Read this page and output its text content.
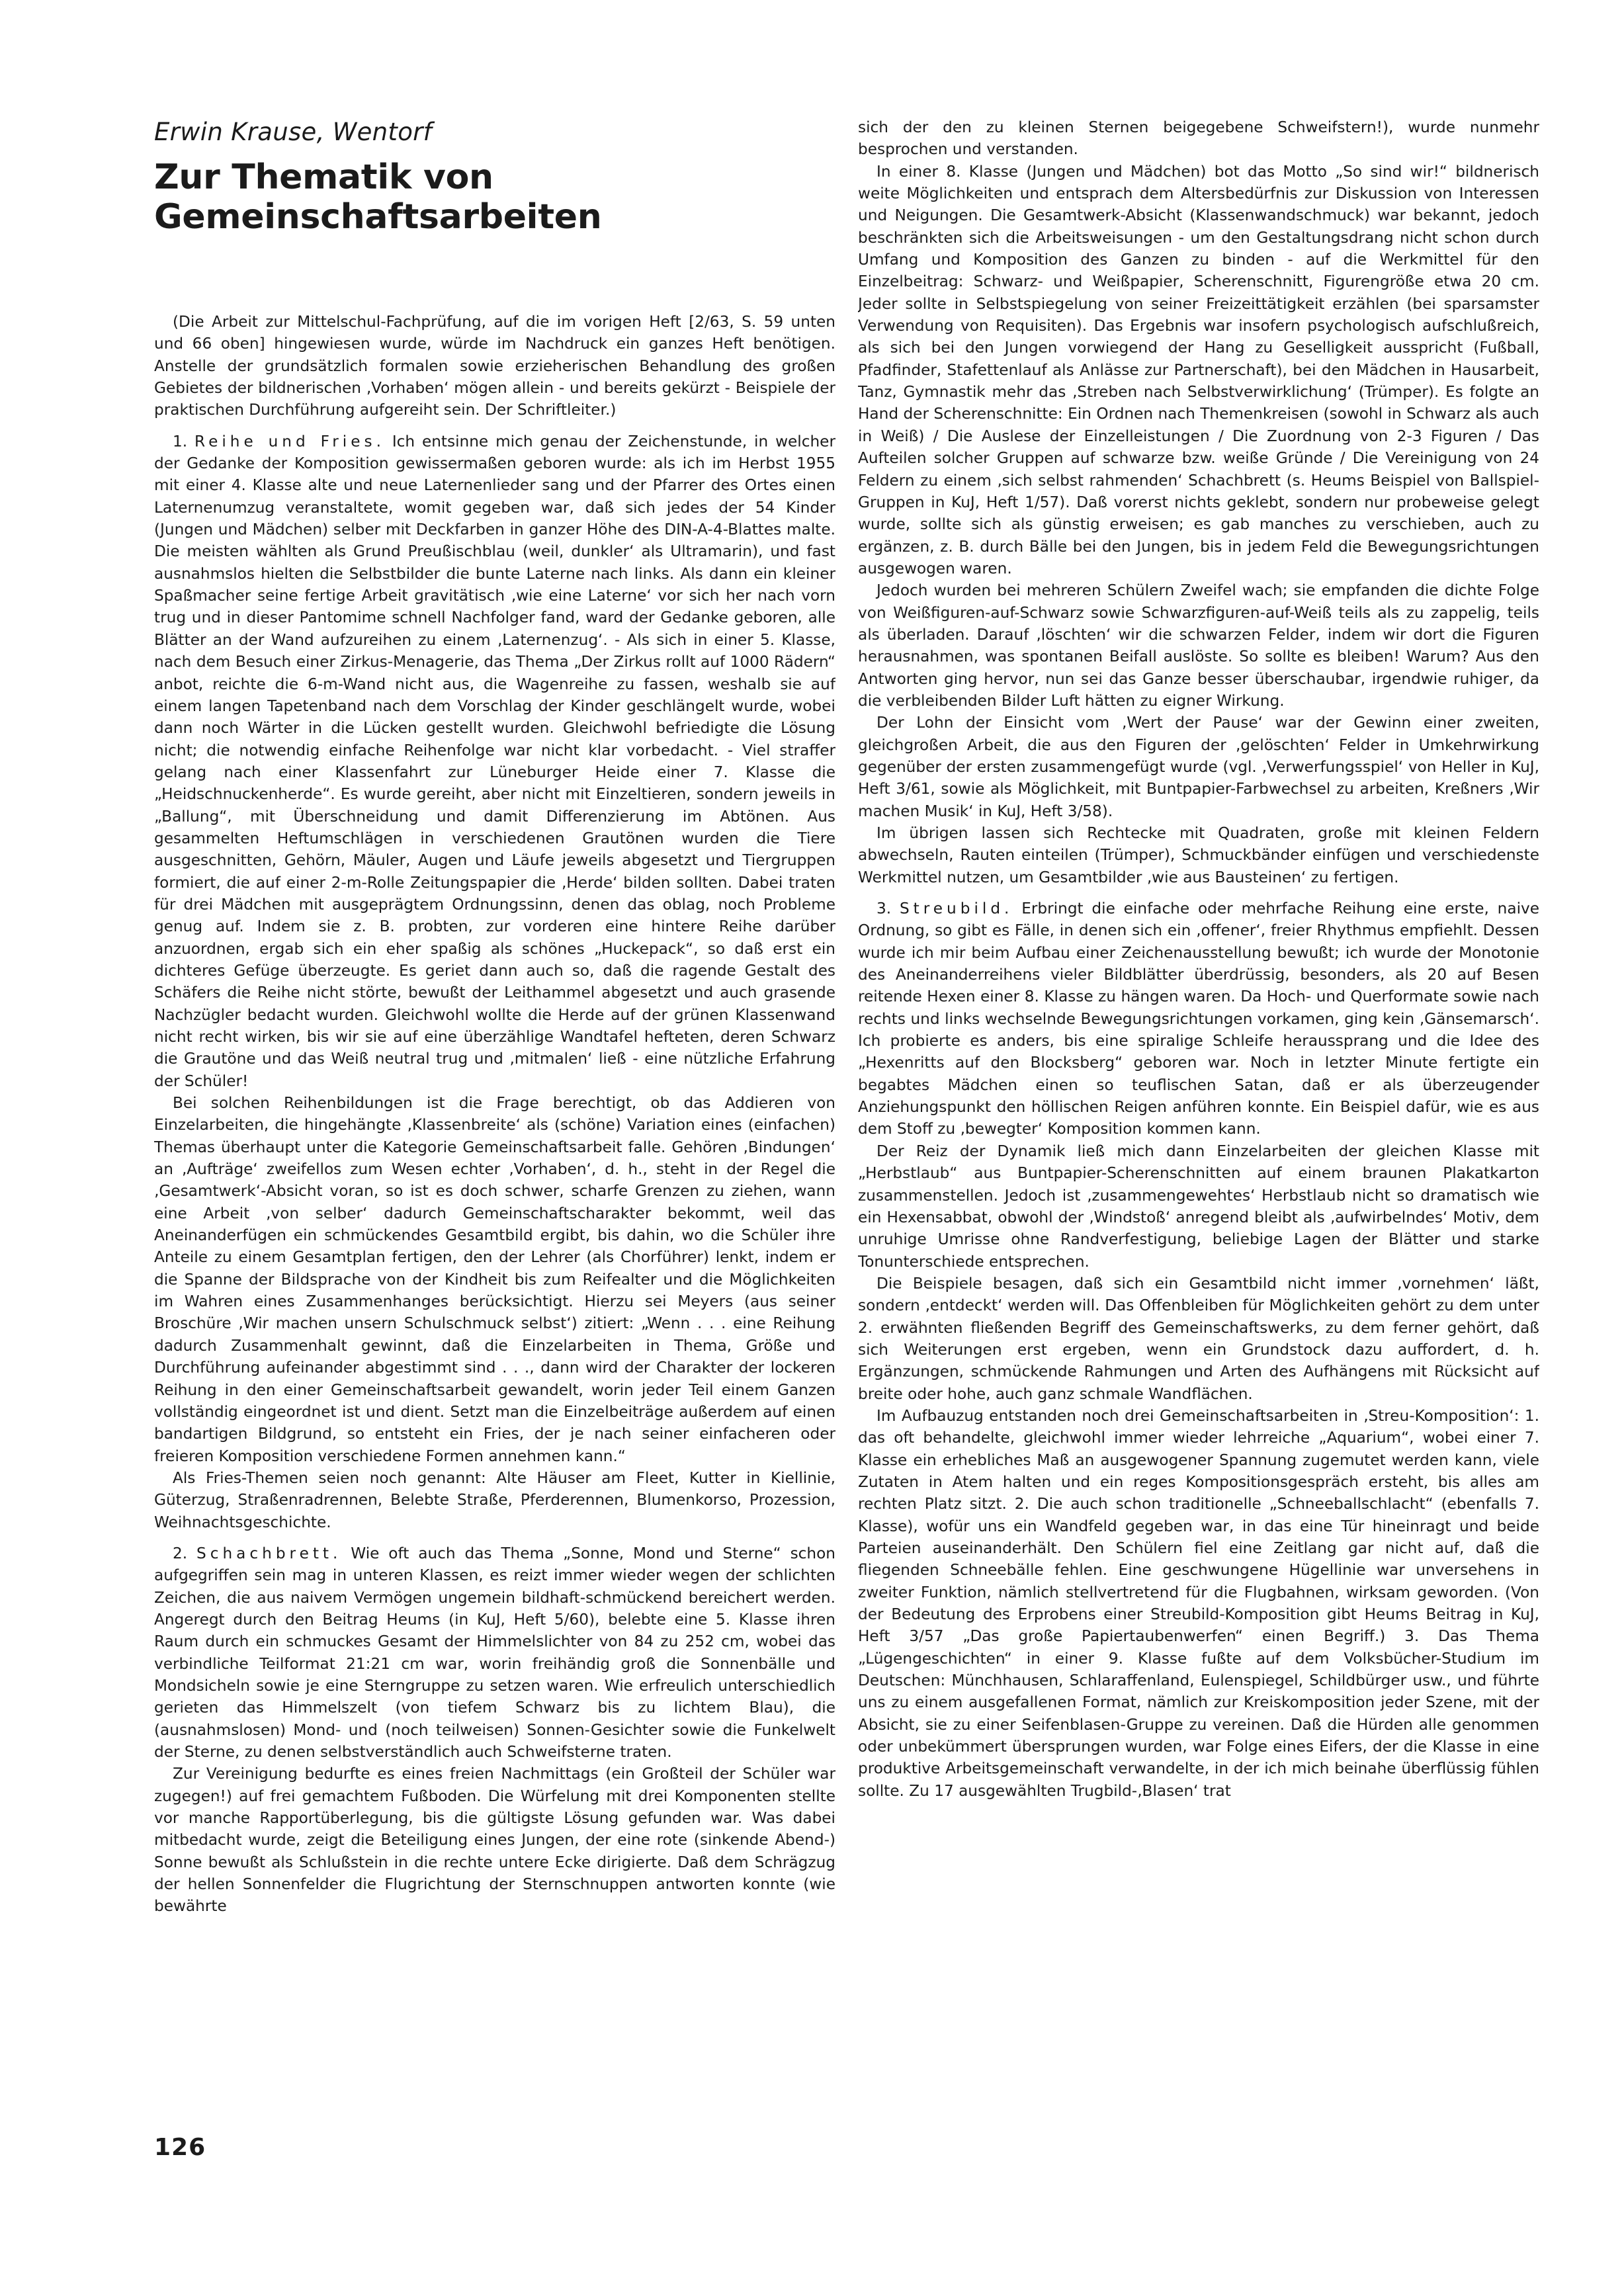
Erwin Krause, Wentorf
Zur Thematik von Gemeinschaftsarbeiten

(Die Arbeit zur Mittelschul-Fachprüfung, auf die im vorigen Heft [2/63, S. 59 unten und 66 oben] hingewiesen wurde, würde im Nachdruck ein ganzes Heft benötigen. Anstelle der grundsätzlich formalen sowie erzieherischen Behandlung des großen Gebietes der bildnerischen ‚Vorhaben‘ mögen allein - und bereits gekürzt - Beispiele der praktischen Durchführung aufgereiht sein. Der Schriftleiter.)

1. Reihe und Fries. Ich entsinne mich genau der Zeichenstunde, in welcher der Gedanke der Komposition gewissermaßen geboren wurde: als ich im Herbst 1955 mit einer 4. Klasse alte und neue Laternenlieder sang und der Pfarrer des Ortes einen Laternenumzug veranstaltete, womit gegeben war, daß sich jedes der 54 Kinder (Jungen und Mädchen) selber mit Deckfarben in ganzer Höhe des DIN-A-4-Blattes malte. Die meisten wählten als Grund Preußischblau (weil, dunkler‘ als Ultramarin), und fast ausnahmslos hielten die Selbstbilder die bunte Laterne nach links. Als dann ein kleiner Spaßmacher seine fertige Arbeit gravitätisch ‚wie eine Laterne‘ vor sich her nach vorn trug und in dieser Pantomime schnell Nachfolger fand, ward der Gedanke geboren, alle Blätter an der Wand aufzureihen zu einem ‚Laternenzug‘. - Als sich in einer 5. Klasse, nach dem Besuch einer Zirkus-Menagerie, das Thema „Der Zirkus rollt auf 1000 Rädern“ anbot, reichte die 6-m-Wand nicht aus, die Wagenreihe zu fassen, weshalb sie auf einem langen Tapetenband nach dem Vorschlag der Kinder geschlängelt wurde, wobei dann noch Wärter in die Lücken gestellt wurden. Gleichwohl befriedigte die Lösung nicht; die notwendig einfache Reihenfolge war nicht klar vorbedacht. - Viel straffer gelang nach einer Klassenfahrt zur Lüneburger Heide einer 7. Klasse die „Heidschnuckenherde“. Es wurde gereiht, aber nicht mit Einzeltieren, sondern jeweils in „Ballung“, mit Überschneidung und damit Differenzierung im Abtönen. Aus gesammelten Heftumschlägen in verschiedenen Grautönen wurden die Tiere ausgeschnitten, Gehörn, Mäuler, Augen und Läufe jeweils abgesetzt und Tiergruppen formiert, die auf einer 2-m-Rolle Zeitungspapier die ‚Herde‘ bilden sollten. Dabei traten für drei Mädchen mit ausgeprägtem Ordnungssinn, denen das oblag, noch Probleme genug auf. Indem sie z. B. probten, zur vorderen eine hintere Reihe darüber anzuordnen, ergab sich ein eher spaßig als schönes „Huckepack“, so daß erst ein dichteres Gefüge überzeugte. Es geriet dann auch so, daß die ragende Gestalt des Schäfers die Reihe nicht störte, bewußt der Leithammel abgesetzt und auch grasende Nachzügler bedacht wurden. Gleichwohl wollte die Herde auf der grünen Klassenwand nicht recht wirken, bis wir sie auf eine überzählige Wandtafel hefteten, deren Schwarz die Grautöne und das Weiß neutral trug und ‚mitmalen‘ ließ - eine nützliche Erfahrung der Schüler!

Bei solchen Reihenbildungen ist die Frage berechtigt, ob das Addieren von Einzelarbeiten, die hingehängte ‚Klassenbreite‘ als (schöne) Variation eines (einfachen) Themas überhaupt unter die Kategorie Gemeinschaftsarbeit falle. Gehören ‚Bindungen‘ an ‚Aufträge‘ zweifellos zum Wesen echter ‚Vorhaben‘, d. h., steht in der Regel die ‚Gesamtwerk‘-Absicht voran, so ist es doch schwer, scharfe Grenzen zu ziehen, wann eine Arbeit ‚von selber‘ dadurch Gemeinschaftscharakter bekommt, weil das Aneinanderfügen ein schmückendes Gesamtbild ergibt, bis dahin, wo die Schüler ihre Anteile zu einem Gesamtplan fertigen, den der Lehrer (als Chorführer) lenkt, indem er die Spanne der Bildsprache von der Kindheit bis zum Reifealter und die Möglichkeiten im Wahren eines Zusammenhanges berücksichtigt. Hierzu sei Meyers (aus seiner Broschüre ‚Wir machen unsern Schulschmuck selbst‘) zitiert: „Wenn . . . eine Reihung dadurch Zusammenhalt gewinnt, daß die Einzelarbeiten in Thema, Größe und Durchführung aufeinander abgestimmt sind . . ., dann wird der Charakter der lockeren Reihung in den einer Gemeinschaftsarbeit gewandelt, worin jeder Teil einem Ganzen vollständig eingeordnet ist und dient. Setzt man die Einzelbeiträge außerdem auf einen bandartigen Bildgrund, so entsteht ein Fries, der je nach seiner einfacheren oder freieren Komposition verschiedene Formen annehmen kann.“

Als Fries-Themen seien noch genannt: Alte Häuser am Fleet, Kutter in Kiellinie, Güterzug, Straßenradrennen, Belebte Straße, Pferderennen, Blumenkorso, Prozession, Weihnachtsgeschichte.

2. Schachbrett. Wie oft auch das Thema „Sonne, Mond und Sterne“ schon aufgegriffen sein mag in unteren Klassen, es reizt immer wieder wegen der schlichten Zeichen, die aus naivem Vermögen ungemein bildhaft-schmückend bereichert werden. Angeregt durch den Beitrag Heums (in KuJ, Heft 5/60), belebte eine 5. Klasse ihren Raum durch ein schmuckes Gesamt der Himmelslichter von 84 zu 252 cm, wobei das verbindliche Teilformat 21:21 cm war, worin freihändig groß die Sonnenbälle und Mondsicheln sowie je eine Sterngruppe zu setzen waren. Wie erfreulich unterschiedlich gerieten das Himmelszelt (von tiefem Schwarz bis zu lichtem Blau), die (ausnahmslosen) Mond- und (noch teilweisen) Sonnen-Gesichter sowie die Funkelwelt der Sterne, zu denen selbstverständlich auch Schweifsterne traten.

Zur Vereinigung bedurfte es eines freien Nachmittags (ein Großteil der Schüler war zugegen!) auf frei gemachtem Fußboden. Die Würfelung mit drei Komponenten stellte vor manche Rapportüberlegung, bis die gültigste Lösung gefunden war. Was dabei mitbedacht wurde, zeigt die Beteiligung eines Jungen, der eine rote (sinkende Abend-) Sonne bewußt als Schlußstein in die rechte untere Ecke dirigierte. Daß dem Schrägzug der hellen Sonnenfelder die Flugrichtung der Sternschnuppen antworten konnte (wie bewährte

sich der den zu kleinen Sternen beigegebene Schweifstern!), wurde nunmehr besprochen und verstanden.

In einer 8. Klasse (Jungen und Mädchen) bot das Motto „So sind wir!“ bildnerisch weite Möglichkeiten und entsprach dem Altersbedürfnis zur Diskussion von Interessen und Neigungen. Die Gesamtwerk-Absicht (Klassenwandschmuck) war bekannt, jedoch beschränkten sich die Arbeitsweisungen - um den Gestaltungsdrang nicht schon durch Umfang und Komposition des Ganzen zu binden - auf die Werkmittel für den Einzelbeitrag: Schwarz- und Weißpapier, Scherenschnitt, Figurengröße etwa 20 cm. Jeder sollte in Selbstspiegelung von seiner Freizeittätigkeit erzählen (bei sparsamster Verwendung von Requisiten). Das Ergebnis war insofern psychologisch aufschlußreich, als sich bei den Jungen vorwiegend der Hang zu Geselligkeit ausspricht (Fußball, Pfadfinder, Stafettenlauf als Anlässe zur Partnerschaft), bei den Mädchen in Hausarbeit, Tanz, Gymnastik mehr das ‚Streben nach Selbstverwirklichung‘ (Trümper). Es folgte an Hand der Scherenschnitte: Ein Ordnen nach Themenkreisen (sowohl in Schwarz als auch in Weiß) / Die Auslese der Einzelleistungen / Die Zuordnung von 2-3 Figuren / Das Aufteilen solcher Gruppen auf schwarze bzw. weiße Gründe / Die Vereinigung von 24 Feldern zu einem ‚sich selbst rahmenden‘ Schachbrett (s. Heums Beispiel von Ballspiel-Gruppen in KuJ, Heft 1/57). Daß vorerst nichts geklebt, sondern nur probeweise gelegt wurde, sollte sich als günstig erweisen; es gab manches zu verschieben, auch zu ergänzen, z. B. durch Bälle bei den Jungen, bis in jedem Feld die Bewegungsrichtungen ausgewogen waren.

Jedoch wurden bei mehreren Schülern Zweifel wach; sie empfanden die dichte Folge von Weißfiguren-auf-Schwarz sowie Schwarzfiguren-auf-Weiß teils als zu zappelig, teils als überladen. Darauf ‚löschten‘ wir die schwarzen Felder, indem wir dort die Figuren herausnahmen, was spontanen Beifall auslöste. So sollte es bleiben! Warum? Aus den Antworten ging hervor, nun sei das Ganze besser überschaubar, irgendwie ruhiger, da die verbleibenden Bilder Luft hätten zu eigner Wirkung.

Der Lohn der Einsicht vom ‚Wert der Pause‘ war der Gewinn einer zweiten, gleichgroßen Arbeit, die aus den Figuren der ‚gelöschten‘ Felder in Umkehrwirkung gegenüber der ersten zusammengefügt wurde (vgl. ‚Verwerfungsspiel‘ von Heller in KuJ, Heft 3/61, sowie als Möglichkeit, mit Buntpapier-Farbwechsel zu arbeiten, Kreßners ‚Wir machen Musik‘ in KuJ, Heft 3/58).

Im übrigen lassen sich Rechtecke mit Quadraten, große mit kleinen Feldern abwechseln, Rauten einteilen (Trümper), Schmuckbänder einfügen und verschiedenste Werkmittel nutzen, um Gesamtbilder ‚wie aus Bausteinen‘ zu fertigen.

3. Streubild. Erbringt die einfache oder mehrfache Reihung eine erste, naive Ordnung, so gibt es Fälle, in denen sich ein ‚offener‘, freier Rhythmus empfiehlt. Dessen wurde ich mir beim Aufbau einer Zeichenausstellung bewußt; ich wurde der Monotonie des Aneinanderreihens vieler Bildblätter überdrüssig, besonders, als 20 auf Besen reitende Hexen einer 8. Klasse zu hängen waren. Da Hoch- und Querformate sowie nach rechts und links wechselnde Bewegungsrichtungen vorkamen, ging kein ‚Gänsemarsch‘. Ich probierte es anders, bis eine spiralige Schleife heraussprang und die Idee des „Hexenritts auf den Blocksberg“ geboren war. Noch in letzter Minute fertigte ein begabtes Mädchen einen so teuflischen Satan, daß er als überzeugender Anziehungspunkt den höllischen Reigen anführen konnte. Ein Beispiel dafür, wie es aus dem Stoff zu ‚bewegter‘ Komposition kommen kann.

Der Reiz der Dynamik ließ mich dann Einzelarbeiten der gleichen Klasse mit „Herbstlaub“ aus Buntpapier-Scherenschnitten auf einem braunen Plakatkarton zusammenstellen. Jedoch ist ‚zusammengewehtes‘ Herbstlaub nicht so dramatisch wie ein Hexensabbat, obwohl der ‚Windstoß‘ anregend bleibt als ‚aufwirbelndes‘ Motiv, dem unruhige Umrisse ohne Randverfestigung, beliebige Lagen der Blätter und starke Tonunterschiede entsprechen.

Die Beispiele besagen, daß sich ein Gesamtbild nicht immer ‚vornehmen‘ läßt, sondern ‚entdeckt‘ werden will. Das Offenbleiben für Möglichkeiten gehört zu dem unter 2. erwähnten fließenden Begriff des Gemeinschaftswerks, zu dem ferner gehört, daß sich Weiterungen erst ergeben, wenn ein Grundstock dazu auffordert, d. h. Ergänzungen, schmückende Rahmungen und Arten des Aufhängens mit Rücksicht auf breite oder hohe, auch ganz schmale Wandflächen.

Im Aufbauzug entstanden noch drei Gemeinschaftsarbeiten in ‚Streu-Komposition‘: 1. das oft behandelte, gleichwohl immer wieder lehrreiche „Aquarium“, wobei einer 7. Klasse ein erhebliches Maß an ausgewogener Spannung zugemutet werden kann, viele Zutaten in Atem halten und ein reges Kompositionsgespräch ersteht, bis alles am rechten Platz sitzt. 2. Die auch schon traditionelle „Schneeballschlacht“ (ebenfalls 7. Klasse), wofür uns ein Wandfeld gegeben war, in das eine Tür hineinragt und beide Parteien auseinanderhält. Den Schülern fiel eine Zeitlang gar nicht auf, daß die fliegenden Schneebälle fehlen. Eine geschwungene Hügellinie war unversehens in zweiter Funktion, nämlich stellvertretend für die Flugbahnen, wirksam geworden. (Von der Bedeutung des Erprobens einer Streubild-Komposition gibt Heums Beitrag in KuJ, Heft 3/57 „Das große Papiertaubenwerfen“ einen Begriff.) 3. Das Thema „Lügengeschichten“ in einer 9. Klasse fußte auf dem Volksbücher-Studium im Deutschen: Münchhausen, Schlaraffenland, Eulenspiegel, Schildbürger usw., und führte uns zu einem ausgefallenen Format, nämlich zur Kreiskomposition jeder Szene, mit der Absicht, sie zu einer Seifenblasen-Gruppe zu vereinen. Daß die Hürden alle genommen oder unbekümmert übersprungen wurden, war Folge eines Eifers, der die Klasse in eine produktive Arbeitsgemeinschaft verwandelte, in der ich mich beinahe überflüssig fühlen sollte. Zu 17 ausgewählten Trugbild-‚Blasen‘ trat

126
